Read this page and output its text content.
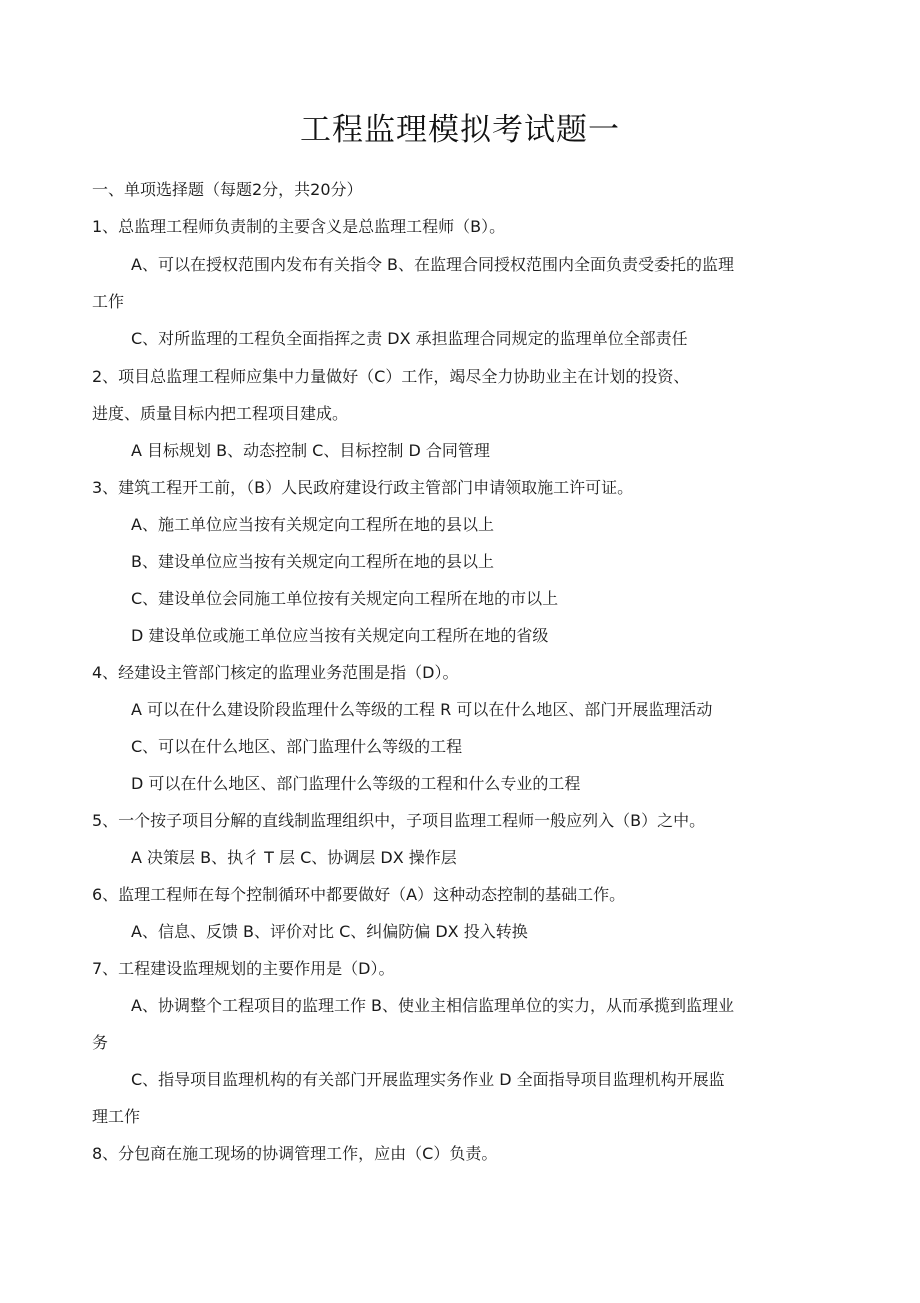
工程监理模拟考试题一
一、单项选择题（每题2分，共20分）
1、总监理工程师负责制的主要含义是总监理工程师（B）。
A、可以在授权范围内发布有关指令 B、在监理合同授权范围内全面负责受委托的监理
工作
C、对所监理的工程负全面指挥之责 DX 承担监理合同规定的监理单位全部责任
2、项目总监理工程师应集中力量做好（C）工作，竭尽全力协助业主在计划的投资、
进度、质量目标内把工程项目建成。
A 目标规划 B、动态控制 C、目标控制 D 合同管理
3、建筑工程开工前，（B）人民政府建设行政主管部门申请领取施工许可证。
A、施工单位应当按有关规定向工程所在地的县以上
B、建设单位应当按有关规定向工程所在地的县以上
C、建设单位会同施工单位按有关规定向工程所在地的市以上
D 建设单位或施工单位应当按有关规定向工程所在地的省级
4、经建设主管部门核定的监理业务范围是指（D）。
A 可以在什么建设阶段监理什么等级的工程 R 可以在什么地区、部门开展监理活动
C、可以在什么地区、部门监理什么等级的工程
D 可以在什么地区、部门监理什么等级的工程和什么专业的工程
5、一个按子项目分解的直线制监理组织中，子项目监理工程师一般应列入（B）之中。
A 决策层 B、执彳 T 层 C、协调层 DX 操作层
6、监理工程师在每个控制循环中都要做好（A）这种动态控制的基础工作。
A、信息、反馈 B、评价对比 C、纠偏防偏 DX 投入转换
7、工程建设监理规划的主要作用是（D）。
A、协调整个工程项目的监理工作 B、使业主相信监理单位的实力，从而承揽到监理业
务
C、指导项目监理机构的有关部门开展监理实务作业 D 全面指导项目监理机构开展监
理工作
8、分包商在施工现场的协调管理工作，应由（C）负责。
